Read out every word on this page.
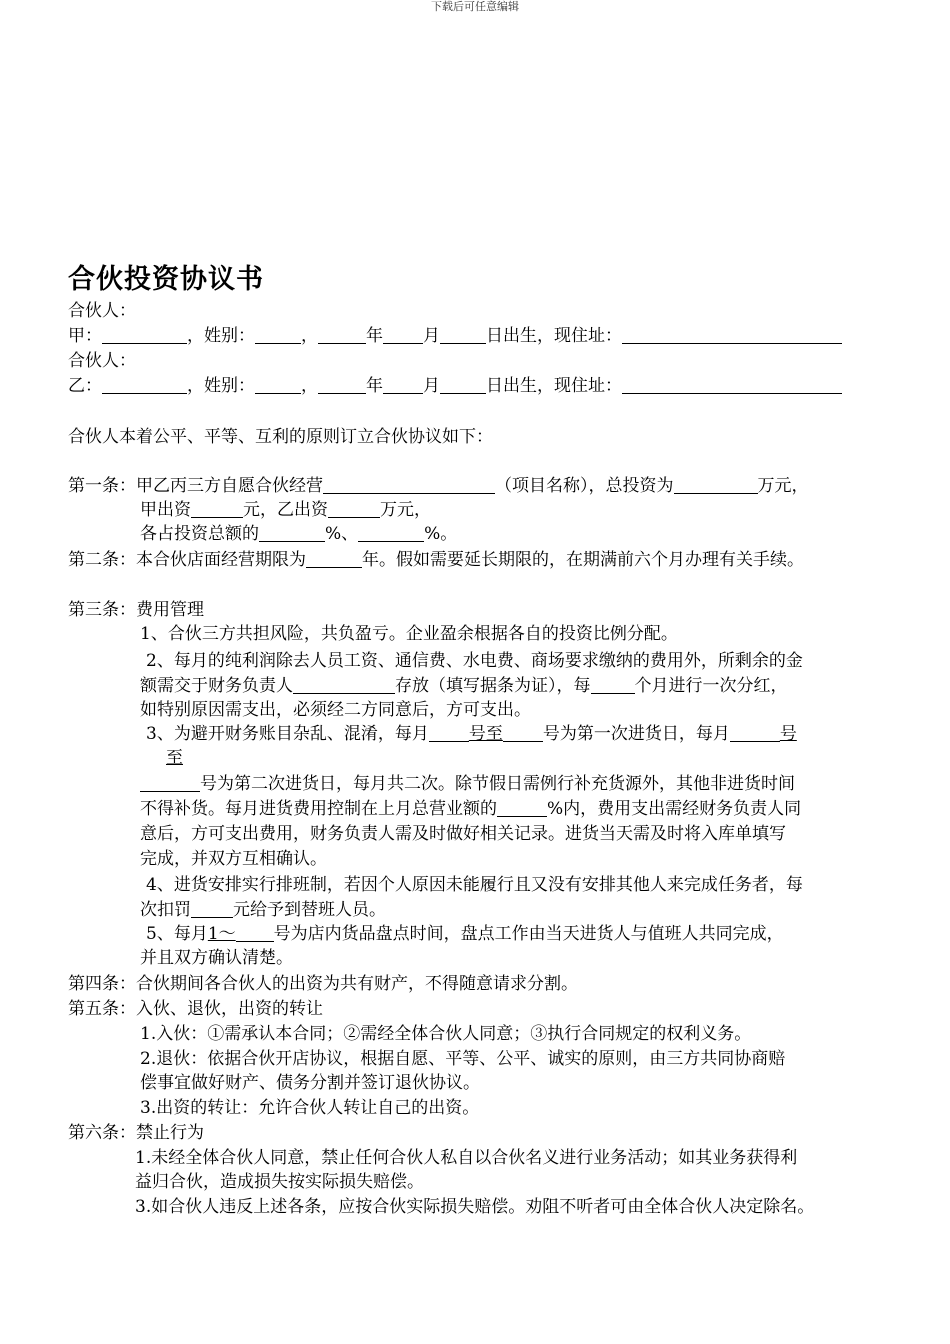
下载后可任意编辑
合伙投资协议书
合伙人：
甲：	，姓别：	，	年 月	日出生，现住址：
合伙人：
乙：	，姓别：	，	年 月	日出生，现住址：
合伙人本着公平、平等、互利的原则订立合伙协议如下：
第一条：甲乙丙三方自愿合伙经营	（项目名称），总投资为	万元，
甲出资	元，乙出资	万元，
各占投资总额的	%、	%。
第二条：本合伙店面经营期限为	年。假如需要延长期限的，在期满前六个月办理有关手续。
第三条：费用管理
1、合伙三方共担风险，共负盈亏。企业盈余根据各自的投资比例分配。
2、每月的纯利润除去人员工资、通信费、水电费、商场要求缴纳的费用外，所剩余的金
额需交于财务负责人	存放（填写据条为证），每	个月进行一次分红，
如特别原因需支出，必须经二方同意后，方可支出。
3、为避开财务账目杂乱、混淆，每月 号至 号为第一次进货日，每月	号
至
号为第二次进货日，每月共二次。除节假日需例行补充货源外，其他非进货时间
不得补货。每月进货费用控制在上月总营业额的	%内，费用支出需经财务负责人同
意后，方可支出费用，财务负责人需及时做好相关记录。进货当天需及时将入库单填写
完成，并双方互相确认。
4、进货安排实行排班制，若因个人原因未能履行且又没有安排其他人来完成任务者，每
次扣罚 元给予到替班人员。
5、每月1～ 号为店内货品盘点时间，盘点工作由当天进货人与值班人共同完成，
并且双方确认清楚。
第四条：合伙期间各合伙人的出资为共有财产，不得随意请求分割。
第五条：入伙、退伙，出资的转让
1.入伙：①需承认本合同；②需经全体合伙人同意；③执行合同规定的权利义务。
2.退伙：依据合伙开店协议，根据自愿、平等、公平、诚实的原则，由三方共同协商赔
偿事宜做好财产、债务分割并签订退伙协议。
3.出资的转让：允许合伙人转让自己的出资。
第六条：禁止行为
1.未经全体合伙人同意，禁止任何合伙人私自以合伙名义进行业务活动；如其业务获得利
益归合伙，造成损失按实际损失赔偿。
3.如合伙人违反上述各条，应按合伙实际损失赔偿。劝阻不听者可由全体合伙人决定除名。
